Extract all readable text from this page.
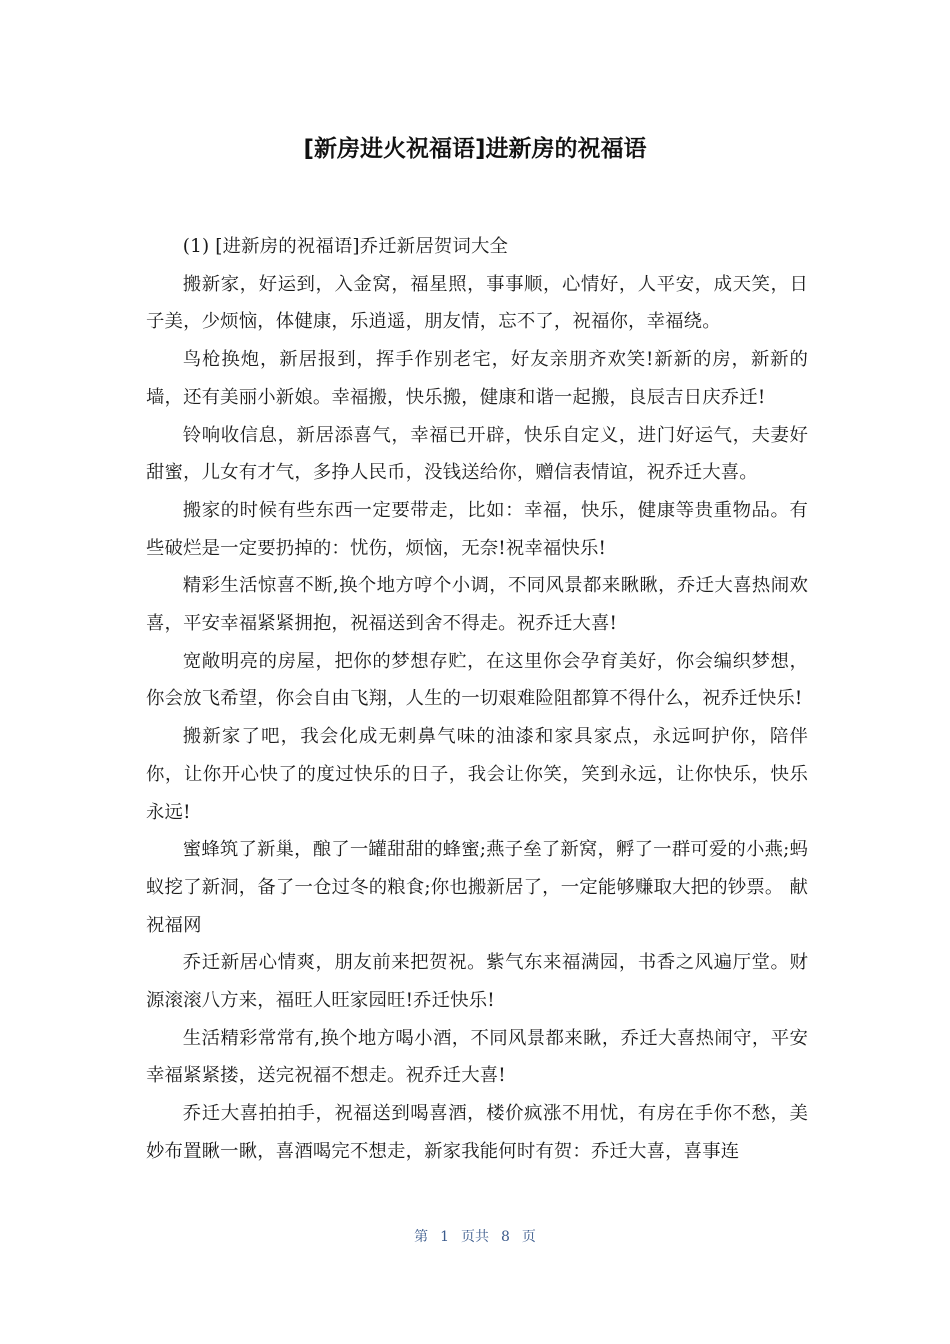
[新房进火祝福语]进新房的祝福语

(1) [进新房的祝福语]乔迁新居贺词大全

搬新家，好运到，入金窝，福星照，事事顺，心情好，人平安，成天笑，日子美，少烦恼，体健康，乐逍遥，朋友情，忘不了，祝福你，幸福绕。

鸟枪换炮，新居报到，挥手作别老宅，好友亲朋齐欢笑!新新的房，新新的墙，还有美丽小新娘。幸福搬，快乐搬，健康和谐一起搬，良辰吉日庆乔迁!

铃响收信息，新居添喜气，幸福已开辟，快乐自定义，进门好运气，夫妻好甜蜜，儿女有才气，多挣人民币，没钱送给你，赠信表情谊，祝乔迁大喜。

搬家的时候有些东西一定要带走，比如：幸福，快乐，健康等贵重物品。有些破烂是一定要扔掉的：忧伤，烦恼，无奈!祝幸福快乐!

精彩生活惊喜不断,换个地方哼个小调，不同风景都来瞅瞅，乔迁大喜热闹欢喜，平安幸福紧紧拥抱，祝福送到舍不得走。祝乔迁大喜!

宽敞明亮的房屋，把你的梦想存贮，在这里你会孕育美好，你会编织梦想，你会放飞希望，你会自由飞翔，人生的一切艰难险阻都算不得什么，祝乔迁快乐!

搬新家了吧，我会化成无刺鼻气味的油漆和家具家点，永远呵护你，陪伴你，让你开心快了的度过快乐的日子，我会让你笑，笑到永远，让你快乐，快乐永远!

蜜蜂筑了新巢，酿了一罐甜甜的蜂蜜;燕子垒了新窝，孵了一群可爱的小燕;蚂蚁挖了新洞，备了一仓过冬的粮食;你也搬新居了，一定能够赚取大把的钞票。 献祝福网

乔迁新居心情爽，朋友前来把贺祝。紫气东来福满园，书香之风遍厅堂。财源滚滚八方来，福旺人旺家园旺!乔迁快乐!

生活精彩常常有,换个地方喝小酒，不同风景都来瞅，乔迁大喜热闹守，平安幸福紧紧搂，送完祝福不想走。祝乔迁大喜!

乔迁大喜拍拍手，祝福送到喝喜酒，楼价疯涨不用忧，有房在手你不愁，美妙布置瞅一瞅，喜酒喝完不想走，新家我能何时有贺：乔迁大喜，喜事连

第 1 页共 8 页
